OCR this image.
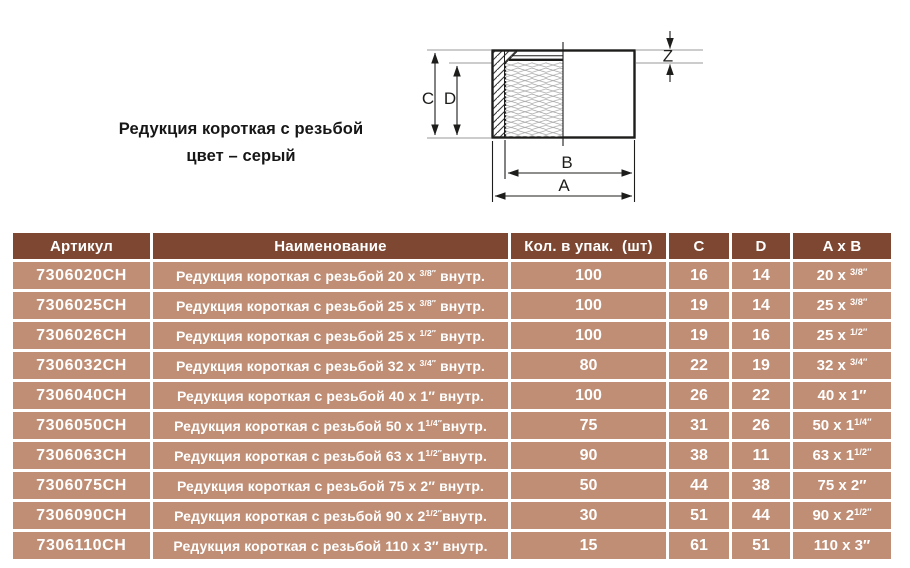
C D
Z
B
A
Редукция короткая с резьбой
цвет – серый
Артикул	Наименование	Кол. в упак.  (шт)	C	D	A x B
7306020CH	Редукция короткая с резьбой 20 x $^{3/8''}$ внутр.	100	16	14	20 x $^{3/8''}$
7306025CH	Редукция короткая с резьбой 25 x $^{3/8''}$ внутр.	100	19	14	25 x $^{3/8''}$
7306026CH	Редукция короткая с резьбой 25 x $^{1/2''}$ внутр.	100	19	16	25 x $^{1/2''}$
7306032CH	Редукция короткая с резьбой 32 x $^{3/4''}$ внутр.	80	22	19	32 x $^{3/4''}$
7306040CH	Редукция короткая с резьбой 40 x 1″ внутр.	100	26	22	40 x 1″
7306050CH	Редукция короткая с резьбой 50 x $1^{1/4''}внутр$.	75	31	26	50 x $1^{1/4''}$
7306063CH	Редукция короткая с резьбой 63 x $1^{1/2''}внутр$.	90	38	11	63 x $1^{1/2''}$
7306075CH	Редукция короткая с резьбой 75 x 2″ внутр.	50	44	38	75 x 2″
7306090CH	Редукция короткая с резьбой 90 x $2^{1/2''}внутр$.	30	51	44	90 x $2^{1/2''}$
7306110CH	Редукция короткая с резьбой 110 x 3″ внутр.	15	61	51	110 x 3″
